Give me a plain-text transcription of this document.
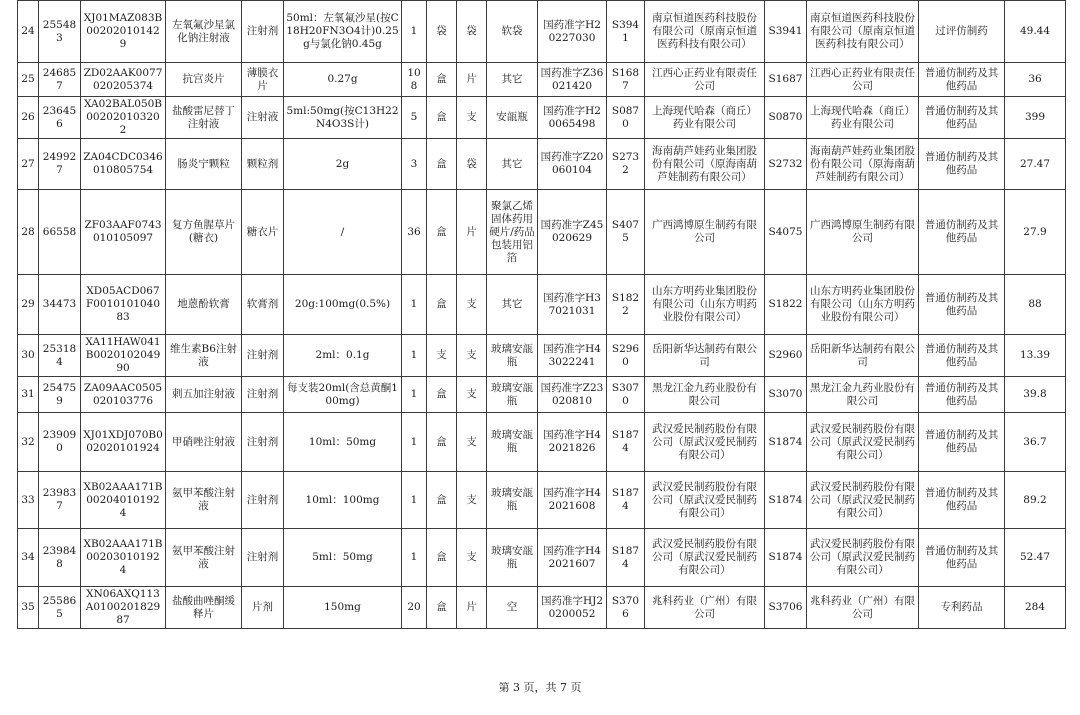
24	255483	XJ01MAZ083B002020101429	左氧氟沙星氯化钠注射液	注射剂	50ml：左氧氟沙星(按C18H20FN3O4计)0.25g与氯化钠0.45g	1	袋	袋	软袋	国药准字H20227030	S3941	南京恒道医药科技股份有限公司（原南京恒道医药科技有限公司）	S3941	南京恒道医药科技股份有限公司（原南京恒道医药科技有限公司）	过评仿制药	49.44
25	246857	ZD02AAK0077020205374	抗宫炎片	薄膜衣片	0.27g	108	盒	片	其它	国药准字Z36021420	S1687	江西心正药业有限责任公司	S1687	江西心正药业有限责任公司	普通仿制药及其他药品	36
26	236456	XA02BAL050B002020103202	盐酸雷尼替丁注射液	注射液	5ml:50mg(按C13H22N4O3S计)	5	盒	支	安瓿瓶	国药准字H20065498	S0870	上海现代哈森（商丘）药业有限公司	S0870	上海现代哈森（商丘）药业有限公司	普通仿制药及其他药品	399
27	249927	ZA04CDC0346010805754	肠炎宁颗粒	颗粒剂	2g	3	盒	袋	其它	国药准字Z20060104	S2732	海南葫芦娃药业集团股份有限公司（原海南葫芦娃制药有限公司）	S2732	海南葫芦娃药业集团股份有限公司（原海南葫芦娃制药有限公司）	普通仿制药及其他药品	27.47
28	66558	ZF03AAF0743010105097	复方鱼腥草片(糖衣)	糖衣片	/	36	盒	片	聚氯乙烯固体药用硬片/药品包装用铝箔	国药准字Z45020629	S4075	广西鸿博原生制药有限公司	S4075	广西鸿博原生制药有限公司	普通仿制药及其他药品	27.9
29	34473	XD05ACD067F001010104083	地蒽酚软膏	软膏剂	20g:100mg(0.5%)	1	盒	支	其它	国药准字H37021031	S1822	山东方明药业集团股份有限公司（山东方明药业股份有限公司）	S1822	山东方明药业集团股份有限公司（山东方明药业股份有限公司）	普通仿制药及其他药品	88
30	253184	XA11HAW041B002010204990	维生素B6注射液	注射剂	2ml：0.1g	1	支	支	玻璃安瓿瓶	国药准字H43022241	S2960	岳阳新华达制药有限公司	S2960	岳阳新华达制药有限公司	普通仿制药及其他药品	13.39
31	254759	ZA09AAC0505020103776	刺五加注射液	注射剂	每支装20ml(含总黄酮100mg)	1	盒	支	玻璃安瓿瓶	国药准字Z23020810	S3070	黑龙江金九药业股份有限公司	S3070	黑龙江金九药业股份有限公司	普通仿制药及其他药品	39.8
32	239090	XJ01XDJ070B002020101924	甲硝唑注射液	注射剂	10ml：50mg	1	盒	支	玻璃安瓿瓶	国药准字H42021826	S1874	武汉爱民制药股份有限公司（原武汉爱民制药有限公司）	S1874	武汉爱民制药股份有限公司（原武汉爱民制药有限公司）	普通仿制药及其他药品	36.7
33	239837	XB02AAA171B002040101924	氨甲苯酸注射液	注射剂	10ml：100mg	1	盒	支	玻璃安瓿瓶	国药准字H42021608	S1874	武汉爱民制药股份有限公司（原武汉爱民制药有限公司）	S1874	武汉爱民制药股份有限公司（原武汉爱民制药有限公司）	普通仿制药及其他药品	89.2
34	239848	XB02AAA171B002030101924	氨甲苯酸注射液	注射剂	5ml：50mg	1	盒	支	玻璃安瓿瓶	国药准字H42021607	S1874	武汉爱民制药股份有限公司（原武汉爱民制药有限公司）	S1874	武汉爱民制药股份有限公司（原武汉爱民制药有限公司）	普通仿制药及其他药品	52.47
35	255865	XN06AXQ113A010020182987	盐酸曲唑酮缓释片	片剂	150mg	20	盒	片	空	国药准字HJ20200052	S3706	兆科药业（广州）有限公司	S3706	兆科药业（广州）有限公司	专利药品	284
第 3 页，共 7 页
